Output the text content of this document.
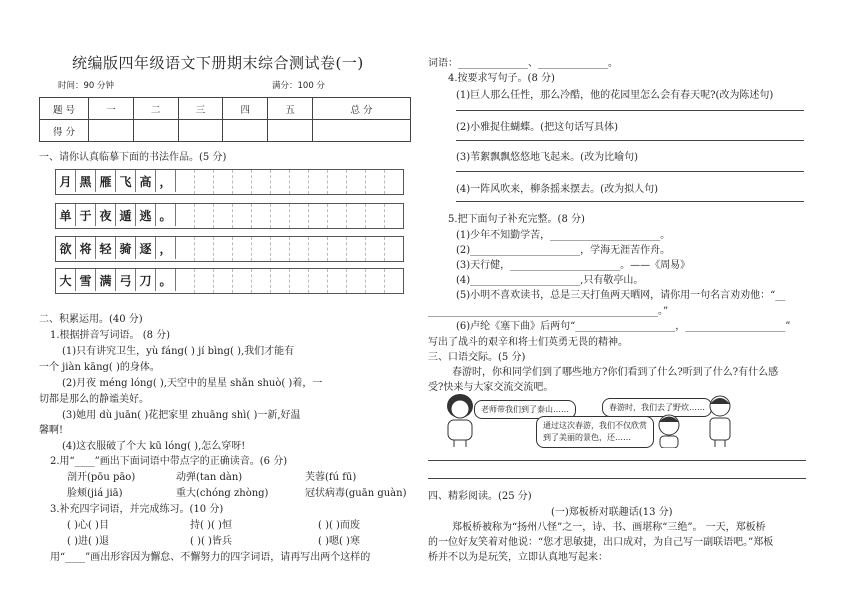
统编版四年级语文下册期末综合测试卷(一)
时间：90 分钟	满分：100 分
题 号	一	二	三	四	五	总 分
得 分						
一、请你认真临摹下面的书法作品。(5 分)
月 黑 雁 飞 高 ，
单 于 夜 遁 逃 。
欲 将 轻 骑 逐 ，
大 雪 满 弓 刀 。
二、积累运用。(40 分)
1.根据拼音写词语。 (8 分)
(1)只有讲究卫生，yù fáng( ) jí bìng( ),我们才能有
一个 jiàn kāng( )的身体。
(2)月夜 méng lóng( ),天空中的星星 shǎn shuò( )着，一
切都是那么的静谧美好。
(3)她用 dù juān( )花把家里 zhuāng shì( )一新,好温
馨啊!
(4)这衣服破了个大 kū lóng( ),怎么穿呀!
2.用“____”画出下面词语中带点字的正确读音。(6 分)
剖开(pōu pāo)	动弹(tan dàn)	芙蓉(fú fū)
脸颊(jiá jiā)	重大(chóng zhòng)	冠状病毒(guān guàn)
3.补充四字词语，并完成练习。(10 分)
( )心( )目	持( )( )恒	( )( )而废
( )进( )退	( )( )皆兵	( )嗯( )寒
用“____”画出形容因为懈怠、不懈努力的四字词语，请再写出两个这样的
词语：______________、______________。
4.按要求写句子。(8 分)
(1)巨人那么任性，那么冷酷，他的花园里怎么会有春天呢?(改为陈述句)
(2)小雅捉住蝴蝶。(把这句话写具体)
(3)苇絮飘飘悠悠地飞起来。(改为比喻句)
(4)一阵风吹来，柳条摇来摆去。(改为拟人句)
5.把下面句子补充完整。(8 分)
(1)少年不知勤学苦，______________________。
(2)______________________，学海无涯苦作舟。
(3)天行健，______________________。——《周易》
(4)______________________,只有敬亭山。
(5)小明不喜欢读书，总是三天打鱼两天晒网，请你用一句名言劝劝他：“__
______________________________________________。”
(6)卢纶《塞下曲》后两句“____________________，____________________”
写出了战斗的艰辛和将士们英勇无畏的精神。
三、口语交际。(5 分)
春游时，你和同学们到了哪些地方?你们看到了什么?听到了什么?有什么感
受?快来与大家交流交流吧。
老师带我们到了泰山……	春游时，我们去了野炊……
通过这次春游，我们不仅欣赏
到了美丽的景色，还……
四、精彩阅读。(25 分)
(一)郑板桥对联趣话(13 分)
郑板桥被称为“扬州八怪”之一，诗、书、画堪称“三绝”。 一天，郑板桥
的一位好友笑着对他说：“您才思敏捷，出口成对，为自己写一副联语吧。”郑板
桥并不以为是玩笑，立即认真地写起来：
